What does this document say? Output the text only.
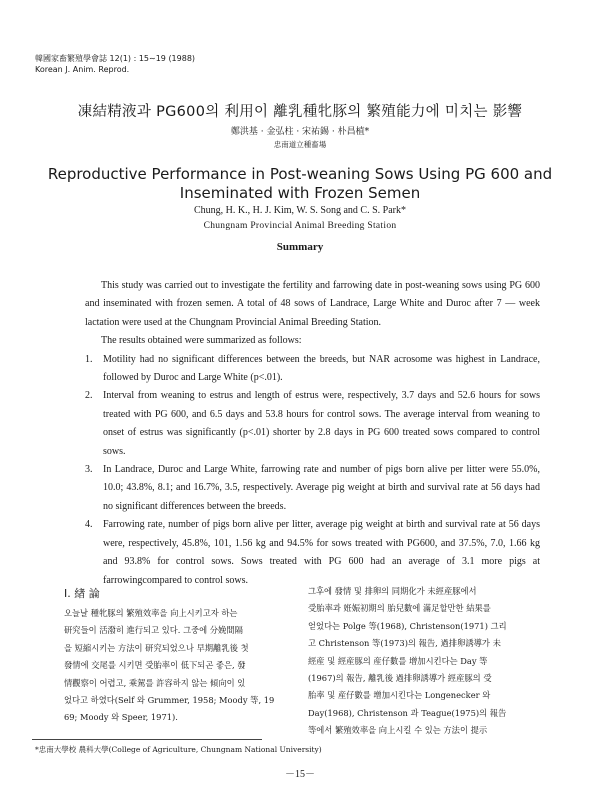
韓國家畜繁殖學會誌 12(1) : 15∼19 (1988)
Korean J. Anim. Reprod.
凍結精液과 PG600의 利用이 離乳種牝豚의 繁殖能力에 미치는 影響
鄭洪基 · 金弘柱 · 宋祐錫 · 朴昌植*
忠南道立種畜場
Reproductive Performance in Post-weaning Sows Using PG 600 and
Inseminated with Frozen Semen
Chung, H. K., H. J. Kim, W. S. Song and C. S. Park*
Chungnam Provincial Animal Breeding Station
Summary

This study was carried out to investigate the fertility and farrowing date in post-weaning sows using PG 600 and inseminated with frozen semen. A total of 48 sows of Landrace, Large White and Duroc after 7 — week lactation were used at the Chungnam Provincial Animal Breeding Station.

The results obtained were summarized as follows:

1. Motility had no significant differences between the breeds, but NAR acrosome was highest in Landrace, followed by Duroc and Large White (p<.01).
2. Interval from weaning to estrus and length of estrus were, respectively, 3.7 days and 52.6 hours for sows treated with PG 600, and 6.5 days and 53.8 hours for control sows. The average interval from weaning to onset of estrus was significantly (p<.01) shorter by 2.8 days in PG 600 treated sows compared to control sows.
3. In Landrace, Duroc and Large White, farrowing rate and number of pigs born alive per litter were 55.0%, 10.0; 43.8%, 8.1; and 16.7%, 3.5, respectively. Average pig weight at birth and survival rate at 56 days had no significant differences between the breeds.
4. Farrowing rate, number of pigs born alive per litter, average pig weight at birth and survival rate at 56 days were, respectively, 45.8%, 101, 1.56 kg and 94.5% for sows treated with PG600, and 37.5%, 7.0, 1.66 kg and 93.8% for control sows. Sows treated with PG 600 had an average of 3.1 more pigs at farrowingcompared to control sows.
Ⅰ. 緖 論
오늘날 種牝豚의 繁殖效率을 向上시키고자 하는
研究들이 活潑히 進行되고 있다. 그중에 分娩間隔
을 短縮시키는 方法이 研究되었으나 早期離乳後 첫
發情에 交尾를 시키면 受胎率이 低下되곤 좋은, 發
情觀察이 어렵고, 乘駕를 許容하지 않는 傾向이 있
었다고 하였다(Self 와 Grummer, 1958; Moody 等, 19
69; Moody 와 Speer, 1971).
그후에 發情 및 排卵의 同期化가 未經産豚에서
受胎率과 姙娠初期의 胎兒數에 滿足할만한 結果를
얻었다는 Polge 等(1968), Christenson(1971) 그리
고 Christenson 等(1973)의 報告, 過排卵誘導가 未
經産 및 經産豚의 産仔數를 增加시킨다는 Day 等
(1967)의 報告, 離乳後 過排卵誘導가 經産豚의 受
胎率 및 産仔數를 增加시킨다는 Longenecker 와
Day(1968), Christenson 과 Teague(1975)의 報告
等에서 繁殖效率을 向上시킬 수 있는 方法이 提示
*忠南大學校 農科大學(College of Agriculture, Chungnam National University)
－15－
